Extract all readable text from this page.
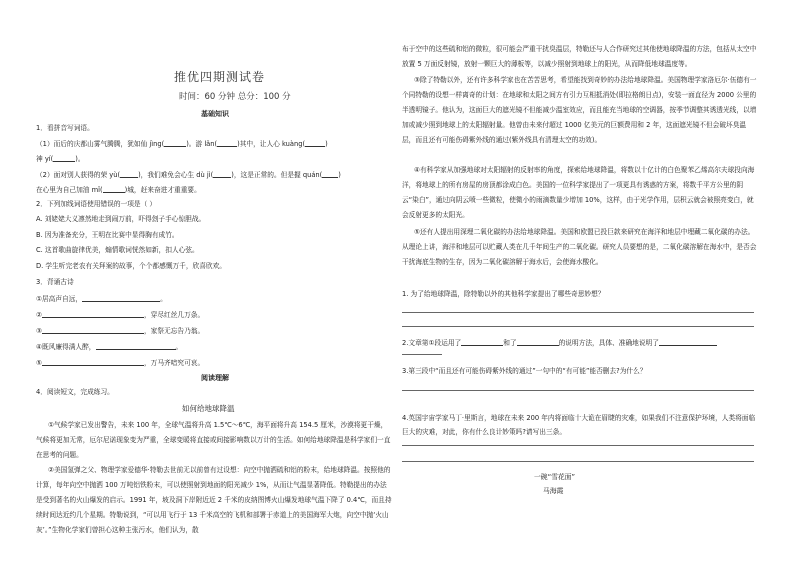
推优四期测试卷
时间：60 分钟 总分：100 分
基础知识
1．看拼音写词语。
（1）而后的庆都山雾气腾腾，犹如仙 jìng(	)。游 lǎn(	)其中，让人心 kuàng(	)
神 yí(	)。
（2）面对别人获得的荣 yù(	)，我们难免会心生 dù jì(	)，这是正常的。但是握 quán( )
在心里为自己加油 mǐ(	)城，赶来奋进才重重要。
2．下列加线词语使用错误的一项是（ ）
A. 刘姥姥大义凛然地走到闹万前，吓得刽子手心惊胆战。
B. 因为准备充分，王明在比赛中显得胸有成竹。
C. 这首歌曲旋律优美，煽情歌词恍然如新，扣人心弦。
D. 学生听完老农有关拜案的故事，个个都感慨万千，欣喜欣欢。
3．背诵古诗
①居高声自远，	。
②	，穿尽红丝几万条。
③	，家祭无忘告乃翁。
④既风廉得满人醉，	。
⑤	，万马齐喑究可哀。
阅读理解
4．阅读短文，完成练习。
如何给地球降温
①气候学家已发出警告，未来 100 年，全球气温将升高 1.5℃～6℃，海平面将升高 154.5 厘米，沙漠将更干燥，气候将更加无常，厄尔尼诺现象变为严重，全球变暖将直接或间接影响数以万计的生活。如何给地球降温是科学家们一直在思考的问题。
②美国氢弹之父、物理学家爱德华·特勒去世前无以前曾有过设想：向空中抛洒硫和铝的粉末，给地球降温。按照他的计算，每年向空中抛洒 100 万吨铝铁粉末，可以使照射到地面的阳光减少 1%，从而让气温显著降低。特勒提出的办法是受到著名的火山爆发的启示。1991 年，坡及洞下岸附近近 2 千米的皮纳图博火山爆发地球气温下降了 0.4℃，而且持续时间达近约几个星期。特勒说到，“可以用飞行于 13 千米高空的飞机和部署于赤道上的美国海军大炮，向空中抛‘火山灰’。”生物化学家们曾担心这种主张污水，他们认为，散
布于空中的这些硫和铝的微粒，很可能会严重干扰臭温层，特勒还与人合作研究过其他使地球降温的方法，包括从太空中放置 5 万面反射镜，放射一颗巨大的薄板等，以减少照射到地球上的阳光，从而降低地球温度等。
③除了特勒以外，还有许多科学家也在苦苦思考，希望能找到奇妙的办法给地球降温。美国物理学家洛厄尔·伍德有一个同特勒的设想一样离奇的计划：在地球和太阳之间方有引力互相抵消处(即拉格朗日点)，安装一面直径为 2000 公里的半透明镜子。他认为，这面巨大的遮光镜不但能减少温室效应，而且能充当地球的空调器，按季节调整其诱透光线，以增加或减少照到地球上的太阳辐射量。他曾由未来付超过 1000 亿美元的巨额费用和 2 年，这面遮光镜不但会破坏臭温层，而且还有可能伤碍紫外线的通过(紫外线具有清理太空的功效)。
④有科学家从加强地球对太阳辐射的反射率的角度，探索给地球降温，将数以十亿计的白色聚苯乙烯高尔夫球投向海洋，将地球上的所有房屋的房顶都涂成白色。美国的一位科学家提出了一项更具有诱惑的方案，将数千平方公里的阴云“染白”，通过向阴云喷一些微粒，使微小的雨滴数量少增加 10%，这样，由于光学作用，层积云就会被照亮变白，就会反射更多的太阳光。
⑤还有人提出用深埋二氧化碳的办法给地球降温。美国和欧盟已投巨款来研究在海洋和地层中埋藏二氧化碳的办法。从理论上讲，海洋和地层可以贮藏人类在几千年间生产的二氧化碳。研究人员要想的是，二氧化碳溶解在海水中，是否会干扰海底生物的生存，因为二氧化碳溶解于海水后，会使海水酸化。
1. 为了给地球降温，除特勒以外的其他科学家提出了哪些奇思妙想？
2.文章第①段运用了	和了	的说明方法，具体、准确地说明了
3.第三段中“而且还有可能伤碍紫外线的通过”一句中的“有可能”能否删去?为什么？
4.英国宇宙学家马丁·里斯言，地球在未来 200 年内将面临十大诡在眉睫的灾难，如果我们不注意保护环境，人类将面临巨大的灾难，对此，你有什么良计妙策吗?请写出三条。
一碗“雪花面”
马海霞
